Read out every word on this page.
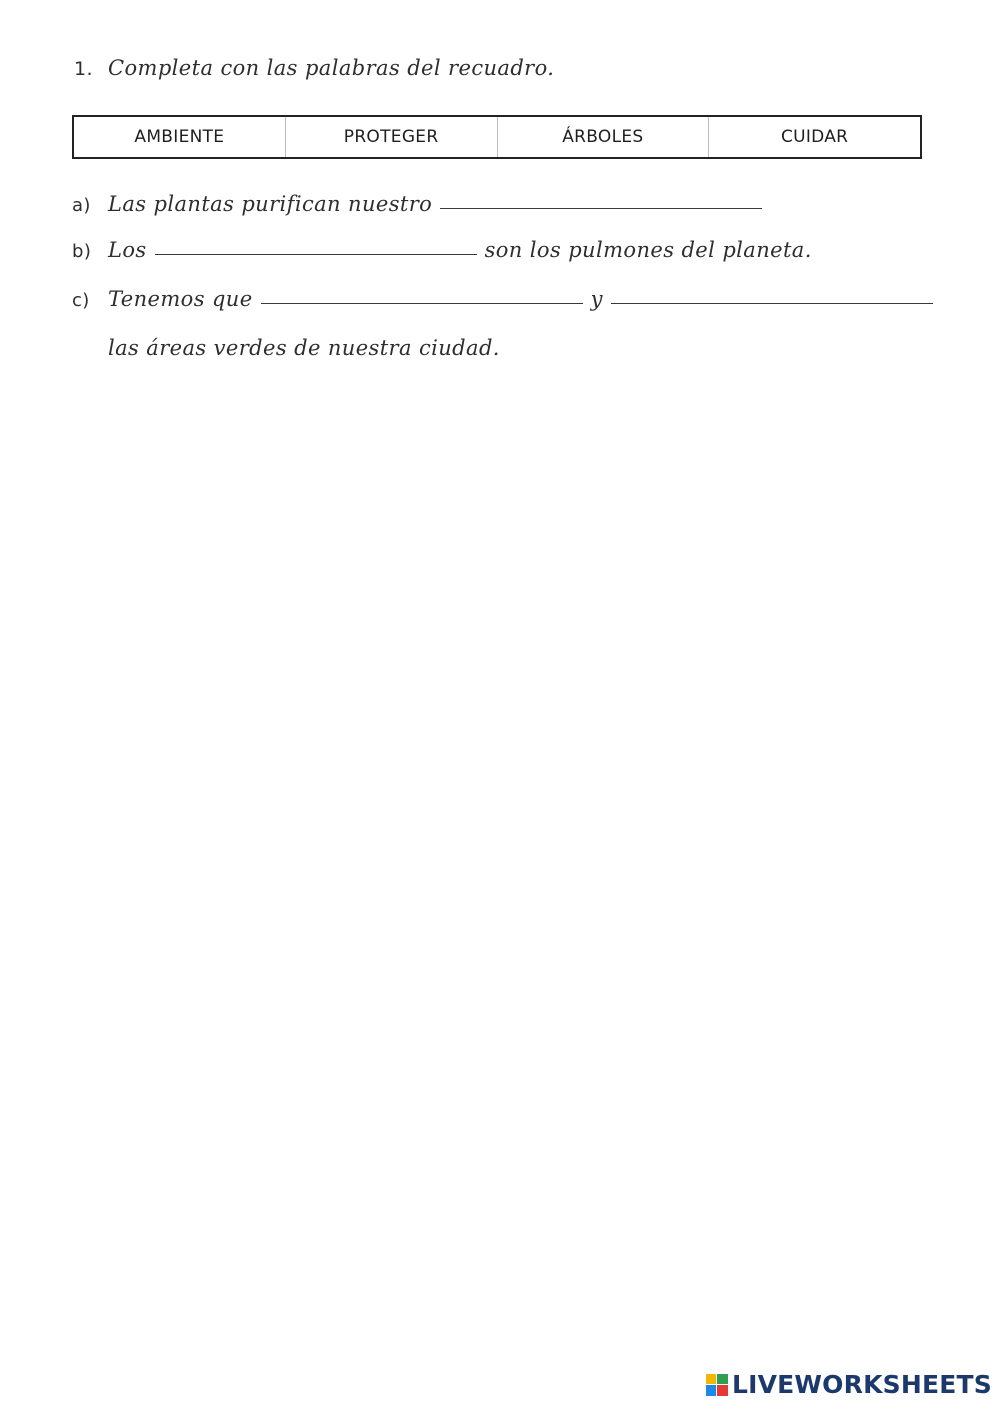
1. Completa con las palabras del recuadro.
AMBIENTE	PROTEGER	ÁRBOLES	CUIDAR
a) Las plantas purifican nuestro
b) Los	son los pulmones del planeta.
c) Tenemos que	y
las áreas verdes de nuestra ciudad.
LIVEWORKSHEETS
